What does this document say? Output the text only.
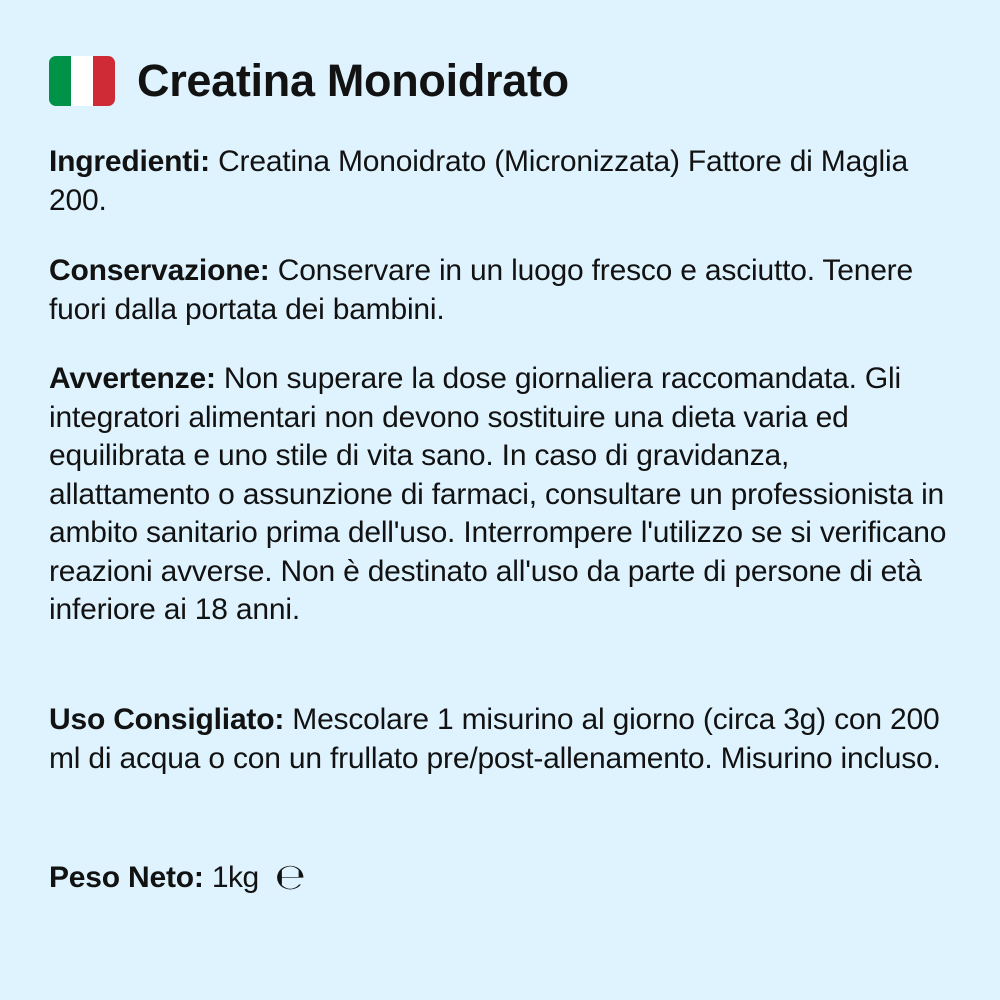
Creatina Monoidrato

Ingredienti: Creatina Monoidrato (Micronizzata) Fattore di Maglia 200.

Conservazione: Conservare in un luogo fresco e asciutto. Tenere fuori dalla portata dei bambini.

Avvertenze: Non superare la dose giornaliera raccomandata. Gli integratori alimentari non devono sostituire una dieta varia ed equilibrata e uno stile di vita sano. In caso di gravidanza, allattamento o assunzione di farmaci, consultare un professionista in ambito sanitario prima dell'uso. Interrompere l'utilizzo se si verificano reazioni avverse. Non è destinato all'uso da parte di persone di età inferiore ai 18 anni.

Uso Consigliato: Mescolare 1 misurino al giorno (circa 3g) con 200 ml di acqua o con un frullato pre/post-allenamento. Misurino incluso.

Peso Neto: 1kg ℮
